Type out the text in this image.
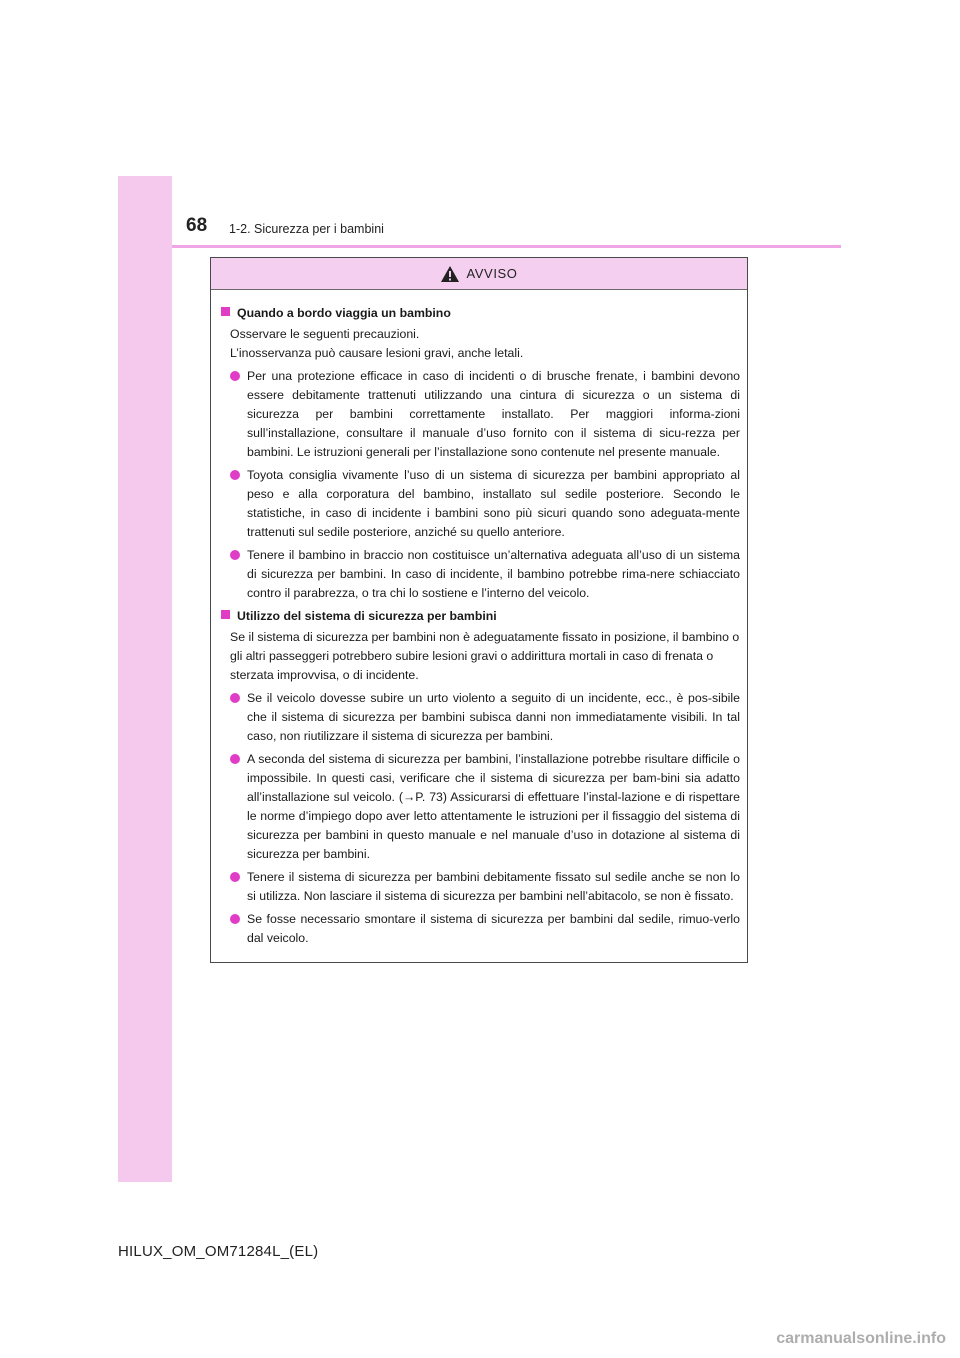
68 1-2. Sicurezza per i bambini
AVVISO
Quando a bordo viaggia un bambino

Osservare le seguenti precauzioni.

L’inosservanza può causare lesioni gravi, anche letali.

Per una protezione efficace in caso di incidenti o di brusche frenate, i bambini devono essere debitamente trattenuti utilizzando una cintura di sicurezza o un sistema di sicurezza per bambini correttamente installato. Per maggiori informa-zioni sull’installazione, consultare il manuale d’uso fornito con il sistema di sicu-rezza per bambini. Le istruzioni generali per l’installazione sono contenute nel presente manuale.
Toyota consiglia vivamente l’uso di un sistema di sicurezza per bambini appropriato al peso e alla corporatura del bambino, installato sul sedile posteriore. Secondo le statistiche, in caso di incidente i bambini sono più sicuri quando sono adeguata-mente trattenuti sul sedile posteriore, anziché su quello anteriore.
Tenere il bambino in braccio non costituisce un’alternativa adeguata all’uso di un sistema di sicurezza per bambini. In caso di incidente, il bambino potrebbe rima-nere schiacciato contro il parabrezza, o tra chi lo sostiene e l’interno del veicolo.
Utilizzo del sistema di sicurezza per bambini

Se il sistema di sicurezza per bambini non è adeguatamente fissato in posizione, il bambino o gli altri passeggeri potrebbero subire lesioni gravi o addirittura mortali in caso di frenata o sterzata improvvisa, o di incidente.

Se il veicolo dovesse subire un urto violento a seguito di un incidente, ecc., è pos-sibile che il sistema di sicurezza per bambini subisca danni non immediatamente visibili. In tal caso, non riutilizzare il sistema di sicurezza per bambini.
A seconda del sistema di sicurezza per bambini, l’installazione potrebbe risultare difficile o impossibile. In questi casi, verificare che il sistema di sicurezza per bam-bini sia adatto all’installazione sul veicolo. (→P. 73) Assicurarsi di effettuare l’instal-lazione e di rispettare le norme d’impiego dopo aver letto attentamente le istruzioni per il fissaggio del sistema di sicurezza per bambini in questo manuale e nel manuale d’uso in dotazione al sistema di sicurezza per bambini.
Tenere il sistema di sicurezza per bambini debitamente fissato sul sedile anche se non lo si utilizza. Non lasciare il sistema di sicurezza per bambini nell’abitacolo, se non è fissato.
Se fosse necessario smontare il sistema di sicurezza per bambini dal sedile, rimuo-verlo dal veicolo.
HILUX_OM_OM71284L_(EL)
carmanualsonline.info
